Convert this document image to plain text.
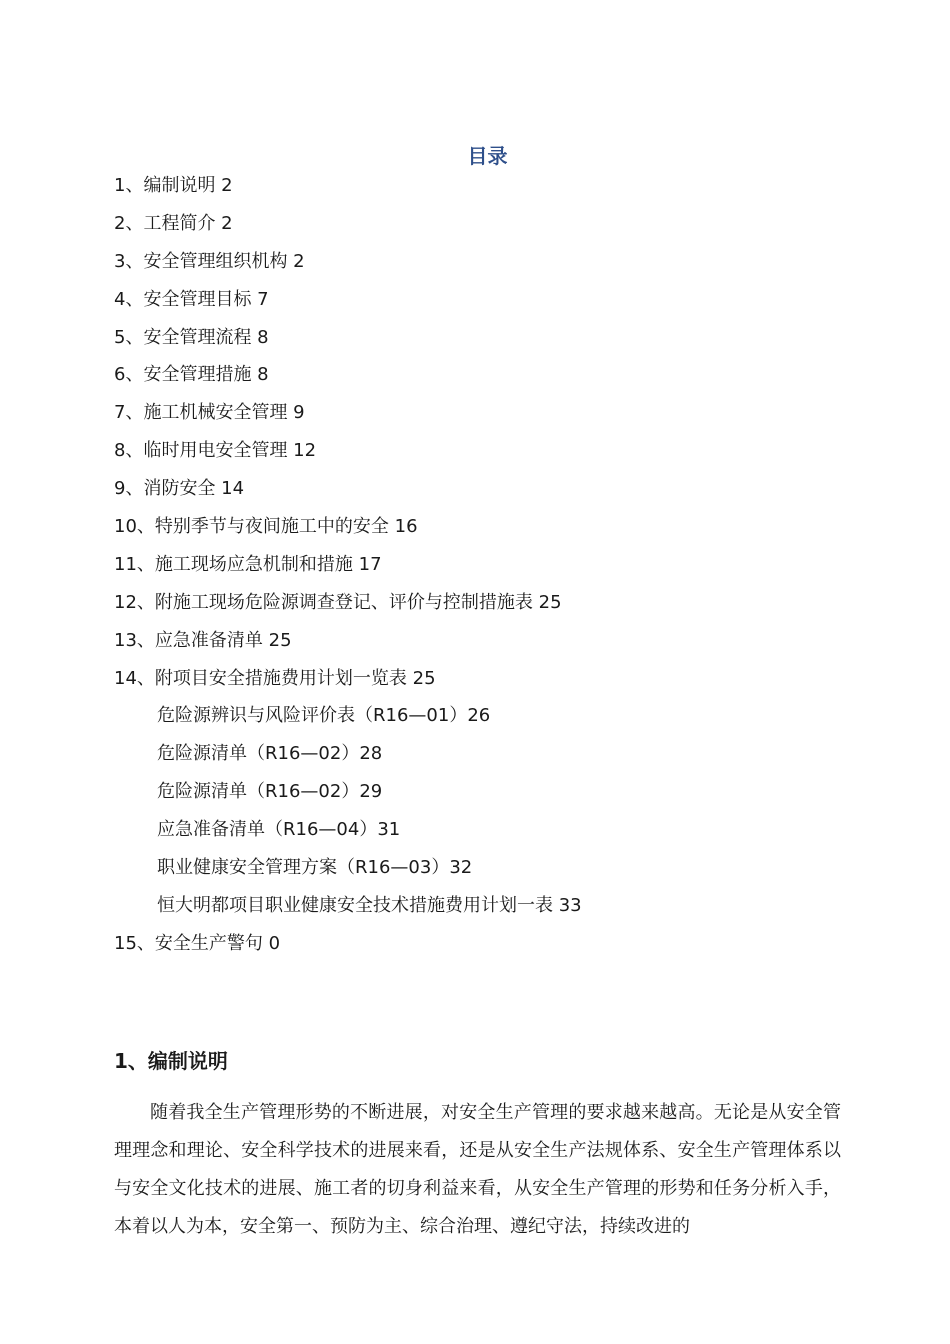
目录
1、编制说明 2
2、工程简介 2
3、安全管理组织机构 2
4、安全管理目标 7
5、安全管理流程 8
6、安全管理措施 8
7、施工机械安全管理 9
8、临时用电安全管理 12
9、消防安全 14
10、特别季节与夜间施工中的安全 16
11、施工现场应急机制和措施 17
12、附施工现场危险源调查登记、评价与控制措施表 25
13、应急准备清单 25
14、附项目安全措施费用计划一览表 25
危险源辨识与风险评价表（R16—01）26
危险源清单（R16—02）28
危险源清单（R16—02）29
应急准备清单（R16—04）31
职业健康安全管理方案（R16—03）32
恒大明都项目职业健康安全技术措施费用计划一表 33
15、安全生产警句 0
1、编制说明

随着我全生产管理形势的不断进展，对安全生产管理的要求越来越高。无论是从安全管理理念和理论、安全科学技术的进展来看，还是从安全生产法规体系、安全生产管理体系以与安全文化技术的进展、施工者的切身利益来看，从安全生产管理的形势和任务分析入手，本着以人为本，安全第一、预防为主、综合治理、遵纪守法，持续改进的
